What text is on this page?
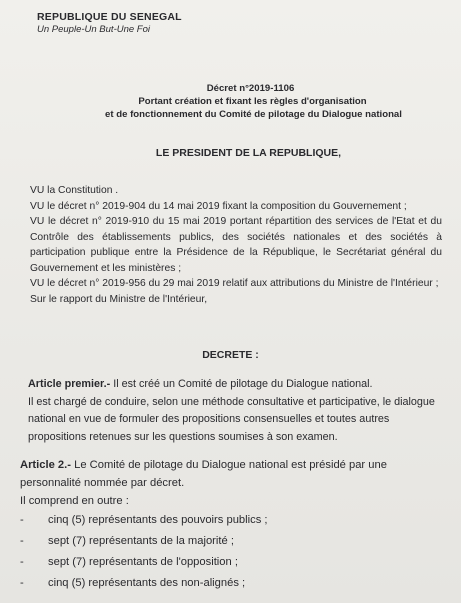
REPUBLIQUE DU SENEGAL
Un Peuple-Un But-Une Foi
Décret n°2019-1106
Portant création et fixant les règles d'organisation
et de fonctionnement du Comité de pilotage du Dialogue national
LE PRESIDENT DE LA REPUBLIQUE,

VU la Constitution .

VU le décret n° 2019-904 du 14 mai 2019 fixant la composition du Gouvernement ;

VU le décret n° 2019-910 du 15 mai 2019 portant répartition des services de l'Etat et du Contrôle des établissements publics, des sociétés nationales et des sociétés à participation publique entre la Présidence de la République, le Secrétariat général du Gouvernement et les ministères ;

VU le décret n° 2019-956 du 29 mai 2019 relatif aux attributions du Ministre de l'Intérieur ;

Sur le rapport du Ministre de l'Intérieur,

DECRETE :

Article premier.- Il est créé un Comité de pilotage du Dialogue national.

Il est chargé de conduire, selon une méthode consultative et participative, le dialogue national en vue de formuler des propositions consensuelles et toutes autres propositions retenues sur les questions soumises à son examen.

Article 2.- Le Comité de pilotage du Dialogue national est présidé par une personnalité nommée par décret.

Il comprend en outre :

- cinq (5) représentants des pouvoirs publics ;
- sept (7) représentants de la majorité ;
- sept (7) représentants de l'opposition ;
- cinq (5) représentants des non-alignés ;
